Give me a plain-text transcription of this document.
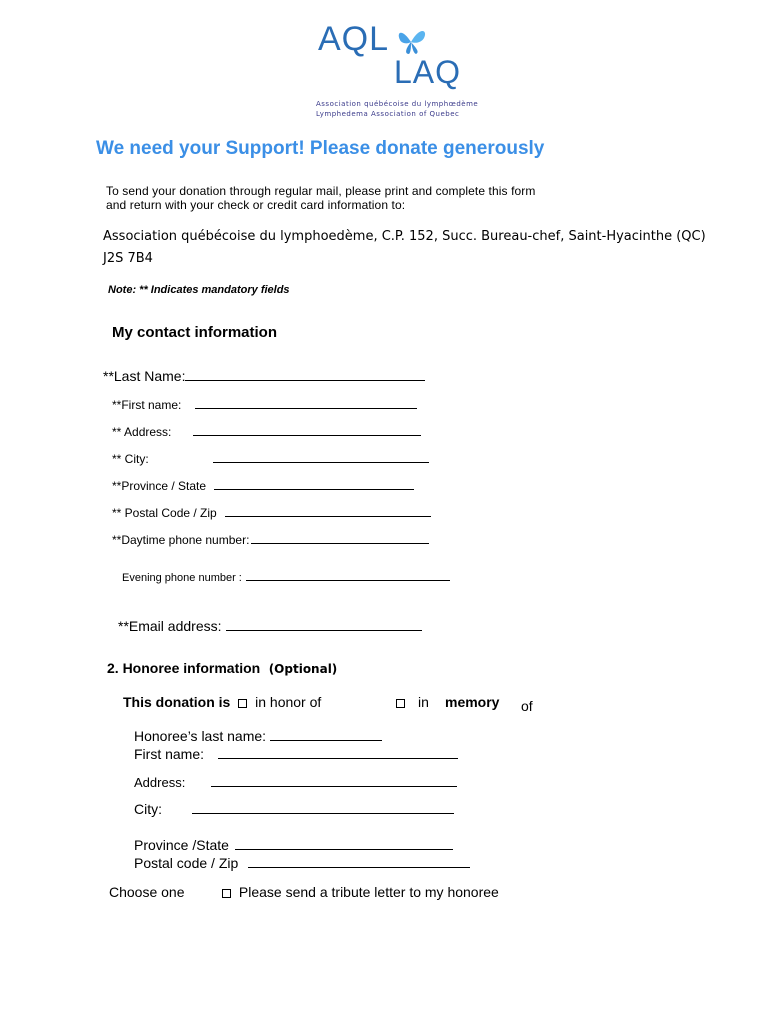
AQL
LAQ
Association québécoise du lymphœdème
Lymphedema Association of Quebec
We need your Support! Please donate generously
To send your donation through regular mail, please print and complete this form
and return with your check or credit card information to:
Association québécoise du lymphoedème, C.P. 152, Succ. Bureau-chef, Saint-Hyacinthe (QC)
J2S 7B4
Note: ** Indicates mandatory fields
My contact information
**Last Name:
**First name:
** Address:
** City:
**Province / State
** Postal Code / Zip
**Daytime phone number:
Evening phone number :
**Email address:
2. Honoree information (Optional)
This donation is in honor of	in memory of
Honoree’s last name:
First name:
Address:
City:
Province /State
Postal code / Zip
Choose one	Please send a tribute letter to my honoree
